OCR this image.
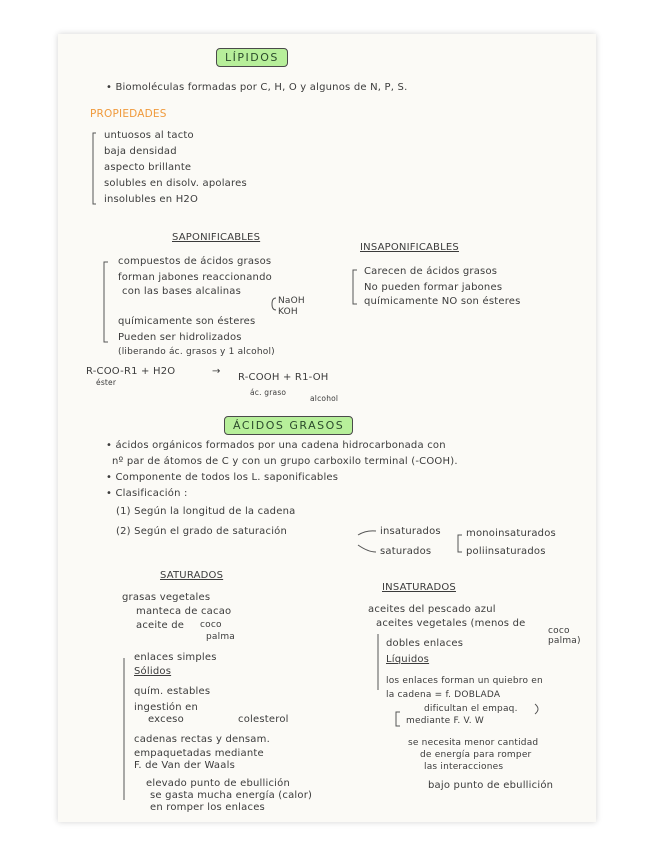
LÍPIDOS
• Biomoléculas formadas por C, H, O y algunos de N, P, S.
PROPIEDADES
untuosos al tacto
baja densidad
aspecto brillante
solubles en disolv. apolares
insolubles en H2O
SAPONIFICABLES
compuestos de ácidos grasos
forman jabones reaccionando
con las bases alcalinas
NaOH
KOH
químicamente son ésteres
Pueden ser hidrolizados
(liberando ác. grasos y 1 alcohol)
INSAPONIFICABLES
Carecen de ácidos grasos
No pueden formar jabones
químicamente NO son ésteres
R-COO-R1 + H2O	→
R-COOH + R1-OH
éster
ác. graso
alcohol
ÁCIDOS GRASOS
• ácidos orgánicos formados por una cadena hidrocarbonada con
nº par de átomos de C y con un grupo carboxilo terminal (-COOH).
• Componente de todos los L. saponificables
• Clasificación :
(1) Según la longitud de la cadena
(2) Según el grado de saturación	insaturados
saturados
monoinsaturados
poliinsaturados
SATURADOS
grasas vegetales
manteca de cacao
aceite de coco
palma
enlaces simples
Sólidos
quím. estables
ingestión en
exceso	colesterol
cadenas rectas y densam.
empaquetadas mediante
F. de Van der Waals
elevado punto de ebullición
se gasta mucha energía (calor)
en romper los enlaces
INSATURADOS
aceites del pescado azul
aceites vegetales (menos de
coco
palma)
dobles enlaces
Líquidos
los enlaces forman un quiebro en
la cadena = f. DOBLADA
dificultan el empaq.
mediante F. V. W
se necesita menor cantidad
de energía para romper
las interacciones
bajo punto de ebullición
